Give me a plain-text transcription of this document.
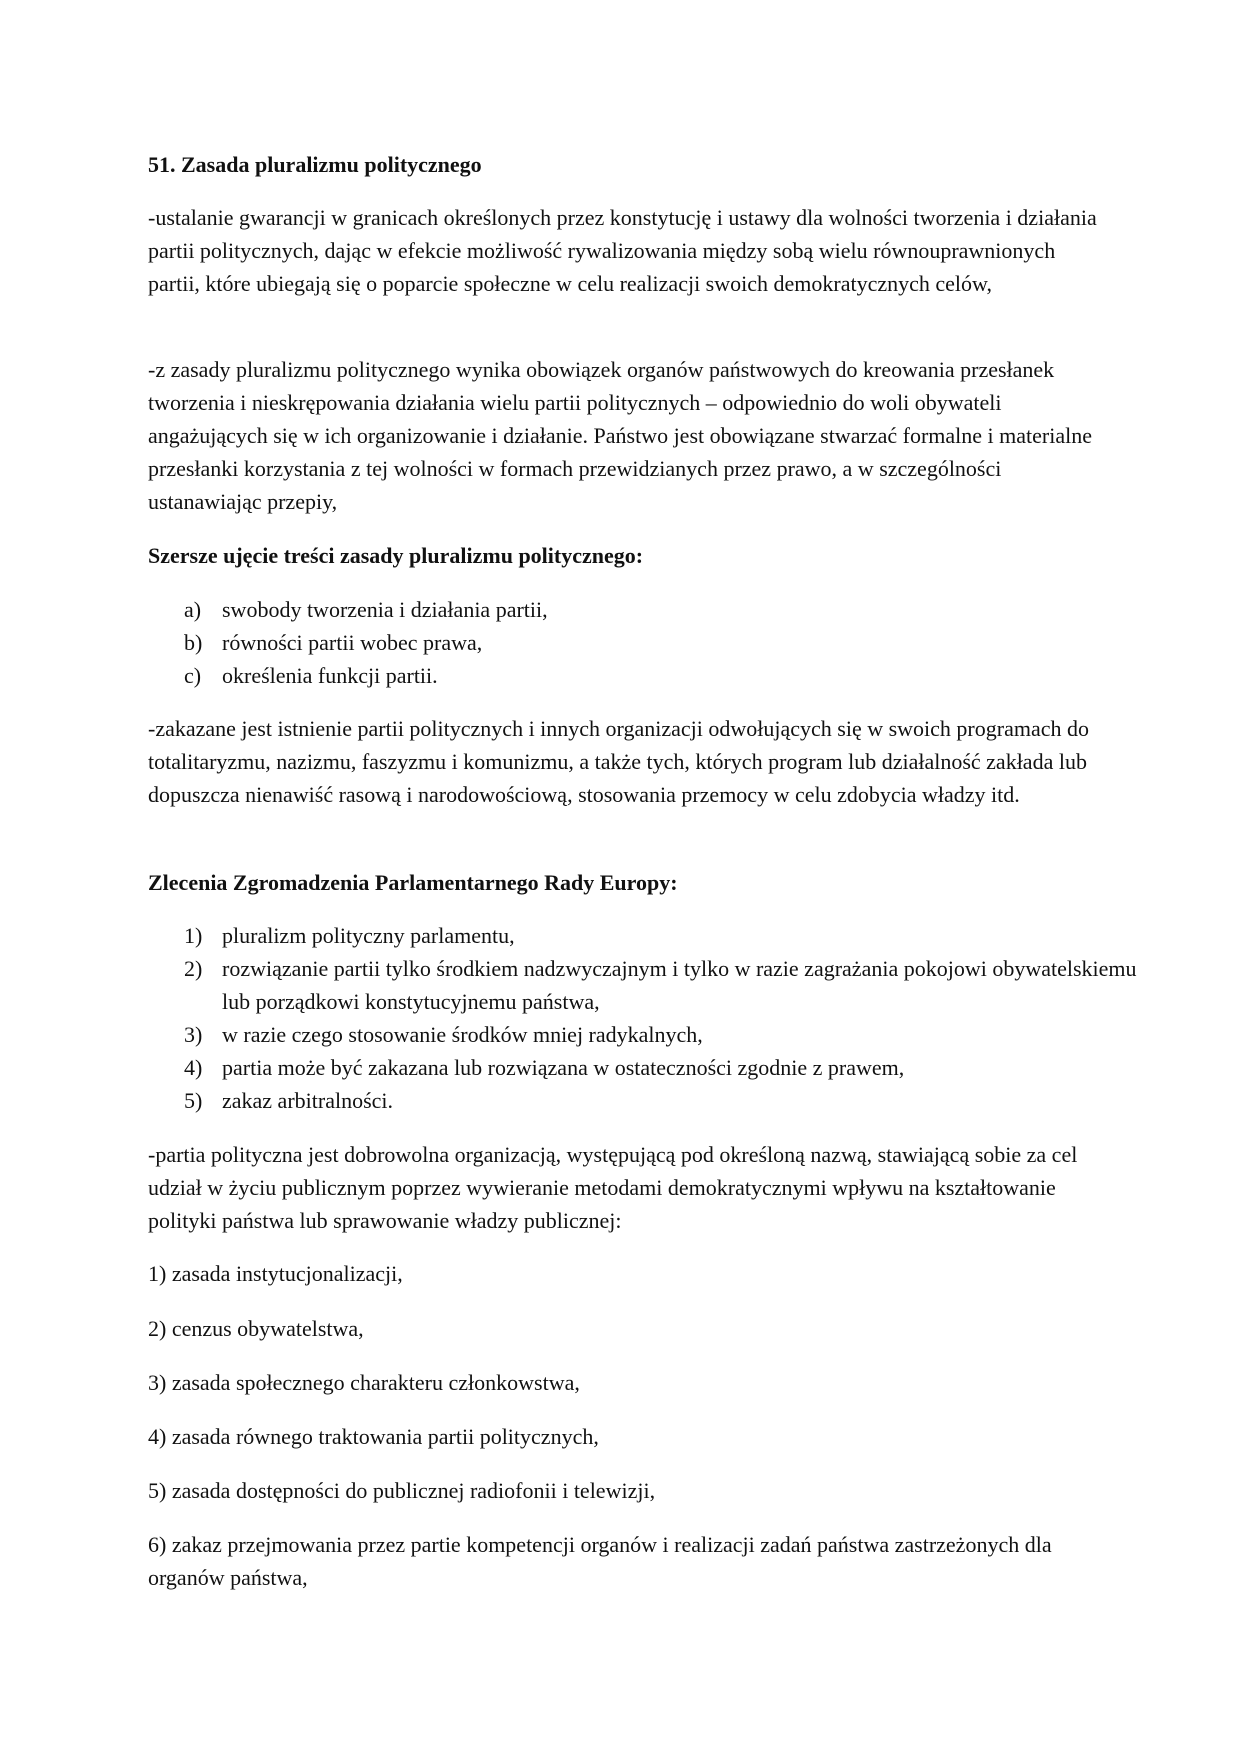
51. Zasada pluralizmu politycznego

-ustalanie gwarancji w granicach określonych przez konstytucję i ustawy dla wolności tworzenia i działania partii politycznych, dając w efekcie możliwość rywalizowania między sobą wielu równouprawnionych partii, które ubiegają się o poparcie społeczne w celu realizacji swoich demokratycznych celów,

-z zasady pluralizmu politycznego wynika obowiązek organów państwowych do kreowania przesłanek tworzenia i nieskrępowania działania wielu partii politycznych – odpowiednio do woli obywateli angażujących się w ich organizowanie i działanie. Państwo jest obowiązane stwarzać formalne i materialne przesłanki korzystania z tej wolności w formach przewidzianych przez prawo, a w szczególności ustanawiając przepiy,

Szersze ujęcie treści zasady pluralizmu politycznego:
a) swobody tworzenia i działania partii,
b) równości partii wobec prawa,
c) określenia funkcji partii.

-zakazane jest istnienie partii politycznych i innych organizacji odwołujących się w swoich programach do totalitaryzmu, nazizmu, faszyzmu i komunizmu, a także tych, których program lub działalność zakłada lub dopuszcza nienawiść rasową i narodowościową, stosowania przemocy w celu zdobycia władzy itd.

Zlecenia Zgromadzenia Parlamentarnego Rady Europy:
1) pluralizm polityczny parlamentu,
2) rozwiązanie partii tylko środkiem nadzwyczajnym i tylko w razie zagrażania pokojowi obywatelskiemu lub porządkowi konstytucyjnemu państwa,
3) w razie czego stosowanie środków mniej radykalnych,
4) partia może być zakazana lub rozwiązana w ostateczności zgodnie z prawem,
5) zakaz arbitralności.

-partia polityczna jest dobrowolna organizacją, występującą pod określoną nazwą, stawiającą sobie za cel udział w życiu publicznym poprzez wywieranie metodami demokratycznymi wpływu na kształtowanie polityki państwa lub sprawowanie władzy publicznej:

1) zasada instytucjonalizacji,
2) cenzus obywatelstwa,
3) zasada społecznego charakteru członkowstwa,
4) zasada równego traktowania partii politycznych,
5) zasada dostępności do publicznej radiofonii i telewizji,
6) zakaz przejmowania przez partie kompetencji organów i realizacji zadań państwa zastrzeżonych dla organów państwa,
